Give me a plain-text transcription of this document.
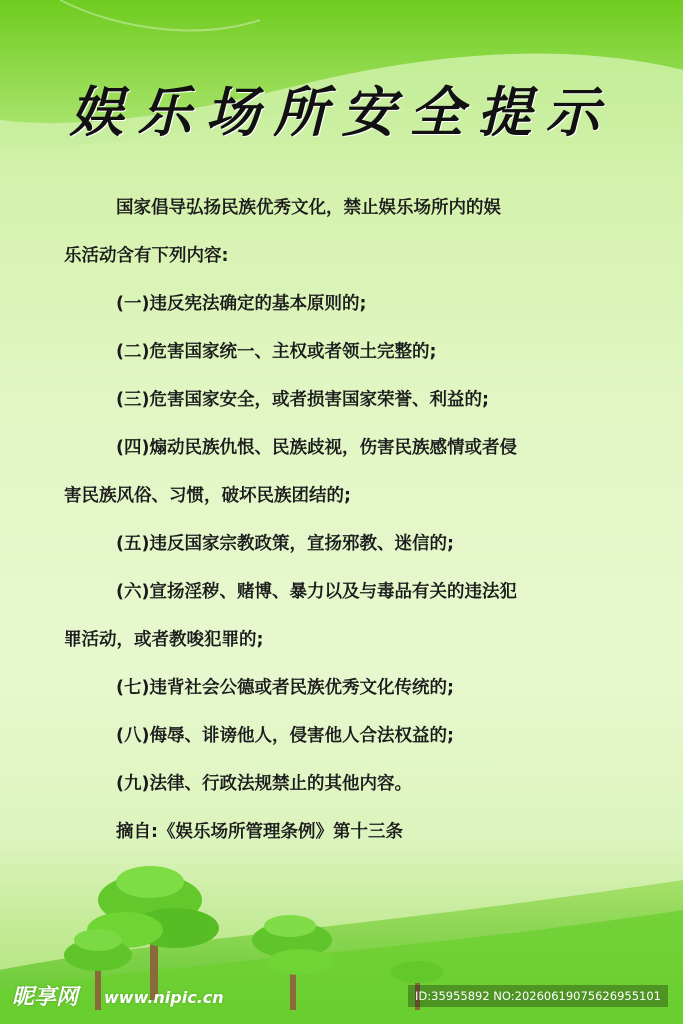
娱乐场所安全提示
国家倡导弘扬民族优秀文化，禁止娱乐场所内的娱
乐活动含有下列内容:
(一)违反宪法确定的基本原则的;
(二)危害国家统一、主权或者领土完整的;
(三)危害国家安全，或者损害国家荣誉、利益的;
(四)煽动民族仇恨、民族歧视，伤害民族感情或者侵
害民族风俗、习惯，破坏民族团结的;
(五)违反国家宗教政策，宣扬邪教、迷信的;
(六)宣扬淫秽、赌博、暴力以及与毒品有关的违法犯
罪活动，或者教唆犯罪的;
(七)违背社会公德或者民族优秀文化传统的;
(八)侮辱、诽谤他人，侵害他人合法权益的;
(九)法律、行政法规禁止的其他内容。
摘自:《娱乐场所管理条例》第十三条
昵享网 www.nipic.cn	ID:35955892 NO:20260619075626955101
